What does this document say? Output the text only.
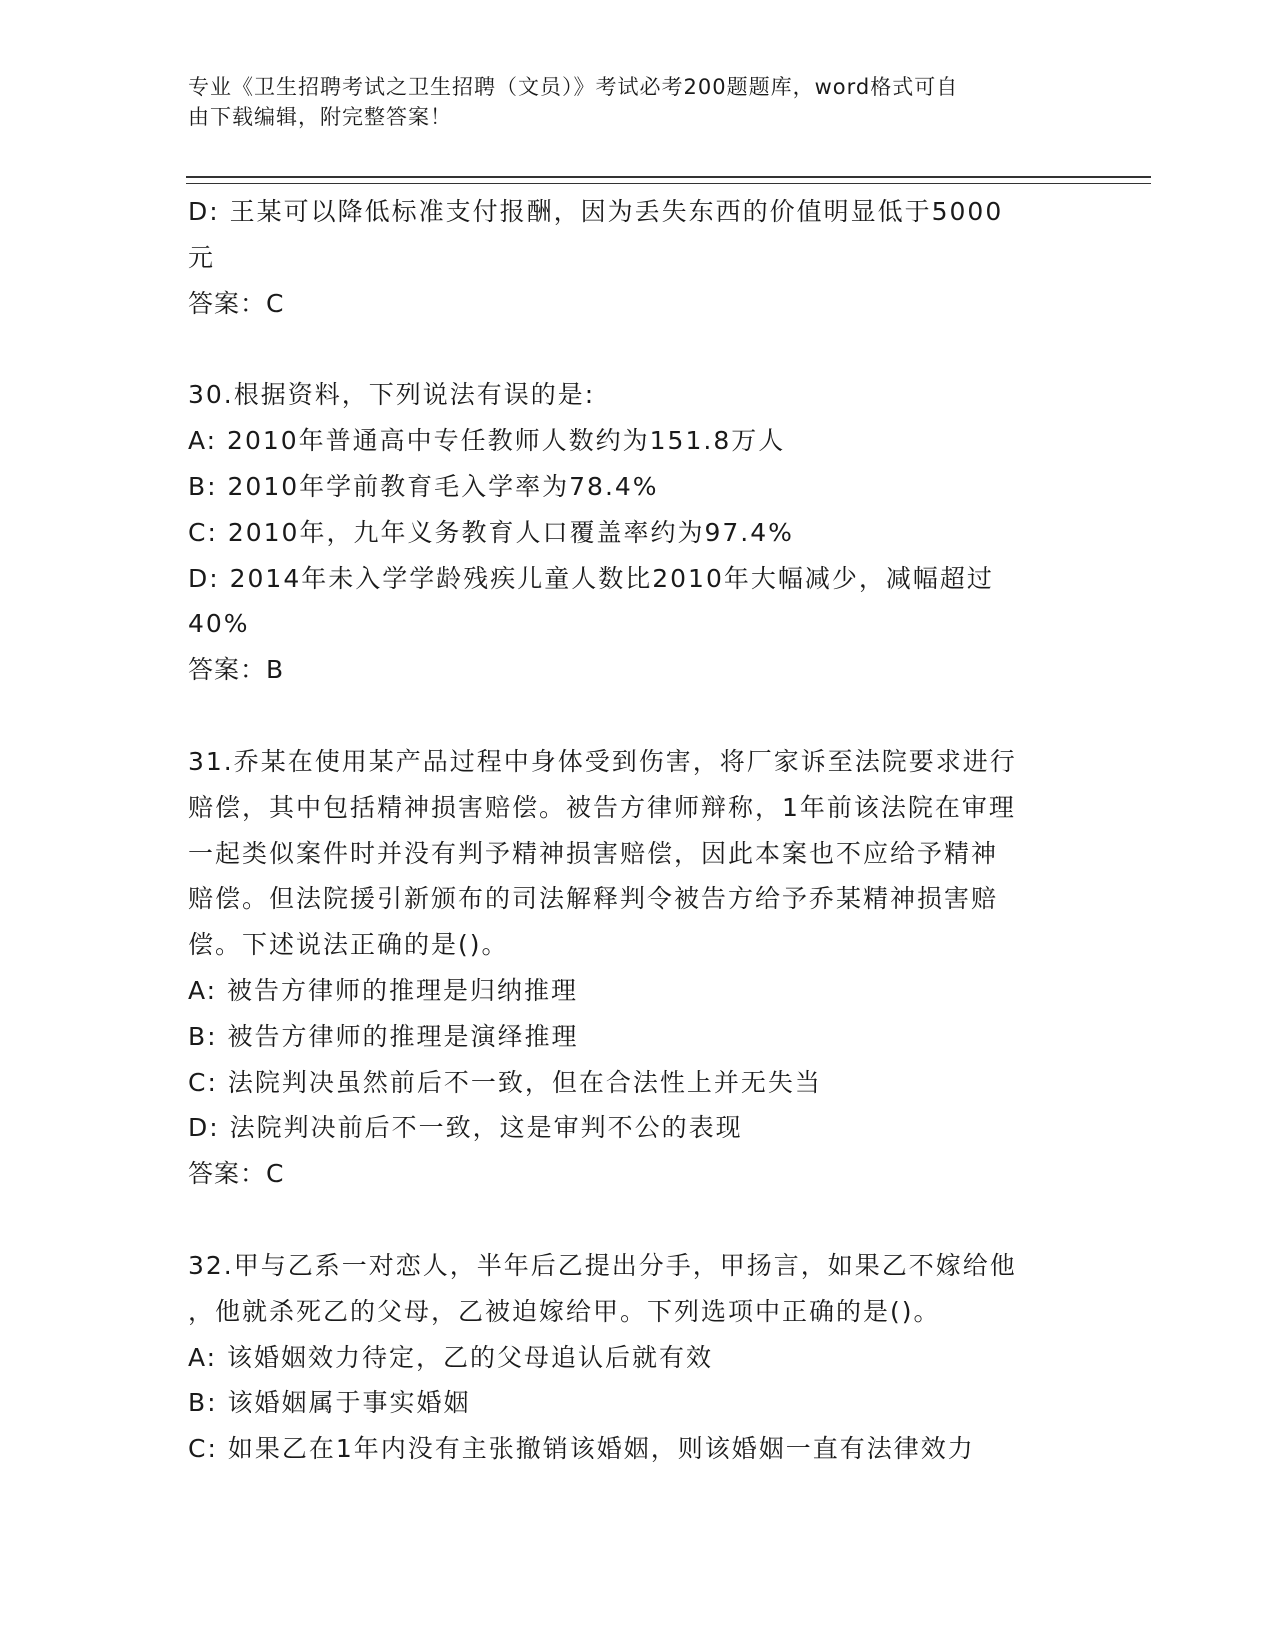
专业《卫生招聘考试之卫生招聘（文员）》考试必考200题题库，word格式可自
由下载编辑，附完整答案！
D: 王某可以降低标准支付报酬，因为丢失东西的价值明显低于5000
元
答案：C
30.根据资料，下列说法有误的是:
A: 2010年普通高中专任教师人数约为151.8万人
B: 2010年学前教育毛入学率为78.4%
C: 2010年，九年义务教育人口覆盖率约为97.4%
D: 2014年未入学学龄残疾儿童人数比2010年大幅减少，减幅超过
40%
答案：B
31.乔某在使用某产品过程中身体受到伤害，将厂家诉至法院要求进行
赔偿，其中包括精神损害赔偿。被告方律师辩称，1年前该法院在审理
一起类似案件时并没有判予精神损害赔偿，因此本案也不应给予精神
赔偿。但法院援引新颁布的司法解释判令被告方给予乔某精神损害赔
偿。下述说法正确的是()。
A: 被告方律师的推理是归纳推理
B: 被告方律师的推理是演绎推理
C: 法院判决虽然前后不一致，但在合法性上并无失当
D: 法院判决前后不一致，这是审判不公的表现
答案：C
32.甲与乙系一对恋人，半年后乙提出分手，甲扬言，如果乙不嫁给他
，他就杀死乙的父母，乙被迫嫁给甲。下列选项中正确的是()。
A: 该婚姻效力待定，乙的父母追认后就有效
B: 该婚姻属于事实婚姻
C: 如果乙在1年内没有主张撤销该婚姻，则该婚姻一直有法律效力
